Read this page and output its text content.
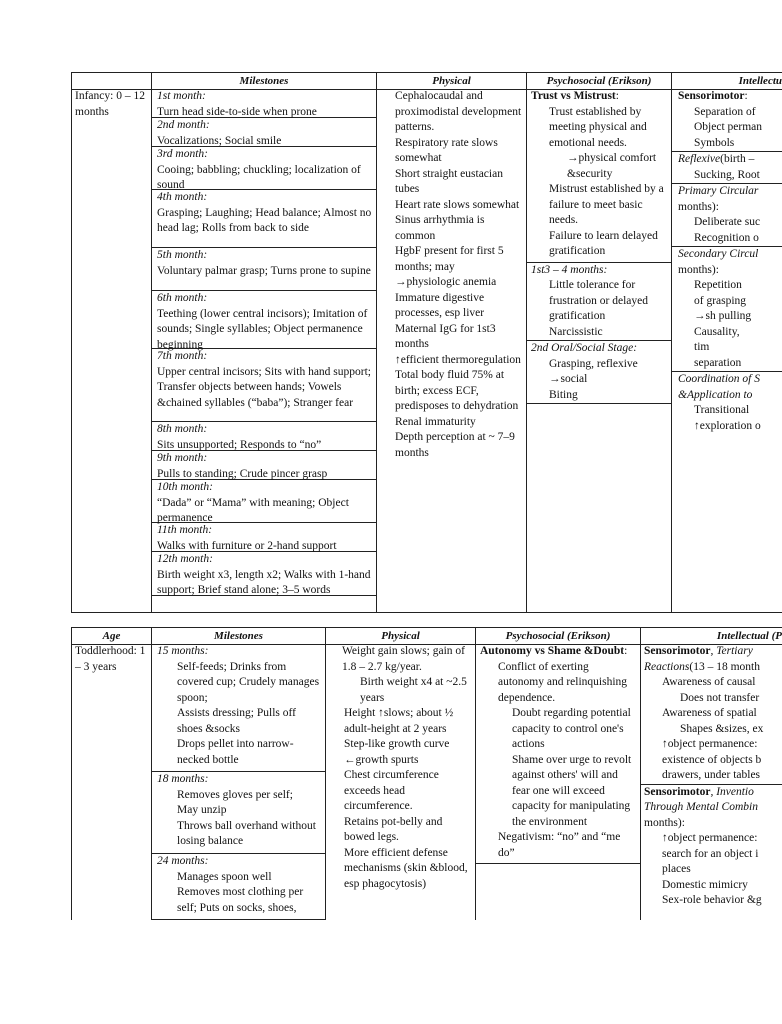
Infancy: 0 – 12 months
Milestones
1st month:
Turn head side-to-side when prone
2nd month:
Vocalizations; Social smile
3rd month:
Cooing; babbling; chuckling; localization of sound
4th month:
Grasping; Laughing; Head balance; Almost no head lag; Rolls from back to side
5th month:
Voluntary palmar grasp; Turns prone to supine
6th month:
Teething (lower central incisors); Imitation of sounds; Single syllables; Object permanence beginning
7th month:
Upper central incisors; Sits with hand support; Transfer objects between hands; Vowels &chained syllables (“baba”); Stranger fear
8th month:
Sits unsupported; Responds to “no”
9th month:
Pulls to standing; Crude pincer grasp
10th month:
“Dada” or “Mama” with meaning; Object permanence
11th month:
Walks with furniture or 2-hand support
12th month:
Birth weight x3, length x2; Walks with 1-hand support; Brief stand alone; 3–5 words
Physical
Cephalocaudal and proximodistal development patterns.
Respiratory rate slows somewhat
Short straight eustacian tubes
Heart rate slows somewhat
Sinus arrhythmia is common
HgbF present for first 5 months; may →physiologic anemia
Immature digestive processes, esp liver
Maternal IgG for 1st3 months
↑efficient thermoregulation
Total body fluid 75% at birth; excess ECF, predisposes to dehydration
Renal immaturity
Depth perception at ~ 7–9 months
Psychosocial (Erikson)
Trust vs Mistrust:
Trust established by meeting physical and emotional needs.
→physical comfort &security
Mistrust established by a failure to meet basic needs.
Failure to learn delayed gratification
1st3 – 4 months:
Little tolerance for frustration or delayed gratification
Narcissistic
2nd Oral/Social Stage:
Grasping, reflexive →social
Biting
Intellectu
Sensorimotor:
Separation of
Object perman
Symbols
Reflexive(birth –
Sucking, Root
Primary Circular
months):
Deliberate suc
Recognition o
Secondary Circul
months):
Repetition of grasping →sh pulling
Causality, tim separation
Coordination of S &Application to
Transitional
↑exploration o
Age
Toddlerhood: 1 – 3 years
Milestones
15 months:
Self-feeds; Drinks from covered cup; Crudely manages spoon;
Assists dressing; Pulls off shoes &socks
Drops pellet into narrow-necked bottle
18 months:
Removes gloves per self;
May unzip
Throws ball overhand without losing balance
24 months:
Manages spoon well
Removes most clothing per self; Puts on socks, shoes,
Physical
Weight gain slows; gain of 1.8 – 2.7 kg/year.
Birth weight x4 at ~2.5 years
Height ↑slows; about ½ adult-height at 2 years
Step-like growth curve ←growth spurts
Chest circumference exceeds head circumference.
Retains pot-belly and bowed legs.
More efficient defense mechanisms (skin &blood, esp phagocytosis)
Psychosocial (Erikson)
Autonomy vs Shame &Doubt:
Conflict of exerting autonomy and relinquishing dependence.
Doubt regarding potential capacity to control one's actions
Shame over urge to revolt against others' will and fear one will exceed capacity for manipulating the environment
Negativism: “no” and “me do”
Intellectual (P
Sensorimotor, Tertiary
Reactions(13 – 18 month
Awareness of causal
Does not transfer
Awareness of spatial
Shapes &sizes, ex
↑object permanence:
existence of objects b
drawers, under tables
Sensorimotor, Inventio
Through Mental Combin
months):
↑object permanence:
search for an object i
places
Domestic mimicry
Sex-role behavior &g
